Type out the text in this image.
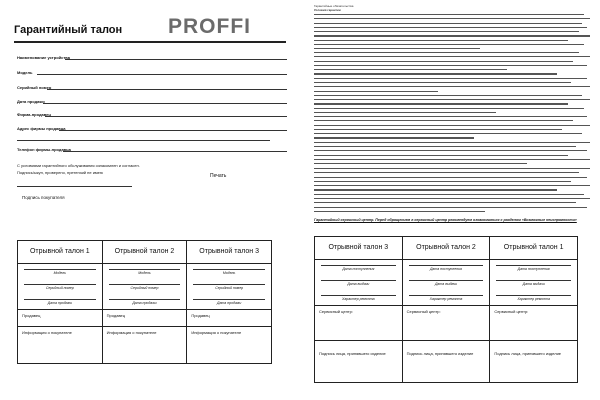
Гарантийный талон PROFFI
Наименование устройства
Модель
Серийный номер
Дата продажи
Фирма-продавец
Адрес фирмы продавца
Телефон фирмы-продавца
С условиями гарантийного обслуживания ознакомлен и согласен.
Подпись/ыкуп, проверено, претензий не имею
Печать
Подпись покупателя
Отрывной талон 1	Отрывной талон 2	Отрывной талон 3

Модель	Модель	Модель

Серийный номер	Серийный номер	Серийный номер

Дата продажи	Дата продажи	Дата продажи

Продавец	Продавец	Продавец
Информация о покупателе	Информация о покупателе	Информация о покупателе
Гарантийные обязательства
Условия гарантии
Гарантийный сервисный центр. Перед обращением в сервисный центр рекомендуем ознакомиться с разделом «Возможные неисправности»
Отрывной талон 3	Отрывной талон 2	Отрывной талон 1

Дата поступления	Дата поступления	Дата поступления

Дата выдачи	Дата выдачи	Дата выдачи

Характер ремонта	Характер ремонта	Характер ремонта

Сервисный центр:	Сервисный центр:	Сервисный центр:
Подпись лица, принявшего изделие	Подпись лица, принявшего изделие	Подпись лица, принявшего изделие
